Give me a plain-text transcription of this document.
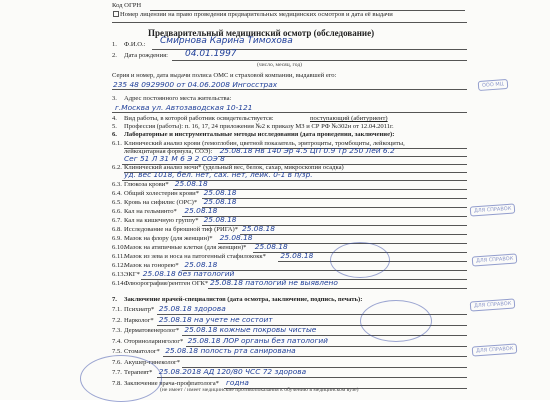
Код ОГРН
Номер лицензии на право проведения предварительных медицинских осмотров и дата её выдачи
Предварительный медицинский осмотр (обследование)
1. Ф.И.О.: Смирнова Карина Тимохова
2. Дата рождения: 04.01.1997
(число, месяц, год)
Серия и номер, дата выдачи полиса ОМС и страховой компании, выдавшей его:
235 48 0929900 от 04.06.2008 Ингосстрах
3. Адрес постоянного места жительства:
г.Москва ул. Автозаводская 10-121
4. Вид работы, в которой работник освидетельствуется:	поступающий (абитуриент)
5. Профессия (работы): п. 16, 17, 24 приложения №2 к приказу МЗ и СР РФ №302н от 12.04.2011г.
6. Лабораторные и инструментальные методы исследования (дата проведения, заключение):
6.1. Клинический анализ крови (гемоглобин, цветной показатель, эритроциты, тромбоциты, лейкоциты,
лейкоцитарная формула, СОЭ): 25.08.18 Нв 140 Эр 4.5 ЦП 0.9 Тр 250 Лей 6.2
Сег 51 Л 31 М 6 Э 2 СОЭ 8
6.2. Клинический анализ мочи* (удельный вес, белок, сахар, микроскопия осадка)
уд. вес 1018, бел. нет, сах. нет, лейк. 0-1 в п/зр.
6.3. Глюкоза крови* 25.08.18
6.4. Общий холестерин крови* 25.08.18
6.5. Кровь на сифилис (ОРС)* 25.08.18
6.6. Кал на гельминто* 25.08.18
6.7. Кал на кишечную группу* 25.08.18
6.8. Исследование на брюшной тиф (РИГА)* 25.08.18
6.9. Мазок на флору (для женщин)* 25.08.18
6.10.
Мазок на атипичные клетки (для женщин)* 25.08.18
6.11. Мазок из зева и носа на патогенный стафилококк* 25.08.18
6.12.
Мазок на гонорею* 25.08.18
6.13.
ЭКГ* 25.08.18 без патологий
6.14.
Флюорография/рентген ОГК* 25.08.18 патологий не выявлено
7. Заключение врачей-специалистов (дата осмотра, заключение, подпись, печать):
7.1. Психиатр* 25.08.18 здорова
7.2. Нарколог* 25.08.18 на учете не состоит
7.3. Дерматовенеролог* 25.08.18 кожные покровы чистые
7.4. Оториноларинголог* 25.08.18 ЛОР органы без патологий
7.5. Стоматолог* 25.08.18 полость рта санирована
7.6. Акушер-гинеколог*
7.7. Терапевт* 25.08.2018 АД 120/80 ЧСС 72 здорова
7.8. Заключение врача-профпатолога* годна
(не имеет / имеет медицинские противопоказания к обучению в медицинском вузе)
ООО МЦ
ДЛЯ СПРАВОК
ДЛЯ СПРАВОК
ДЛЯ СПРАВОК
ДЛЯ СПРАВОК
